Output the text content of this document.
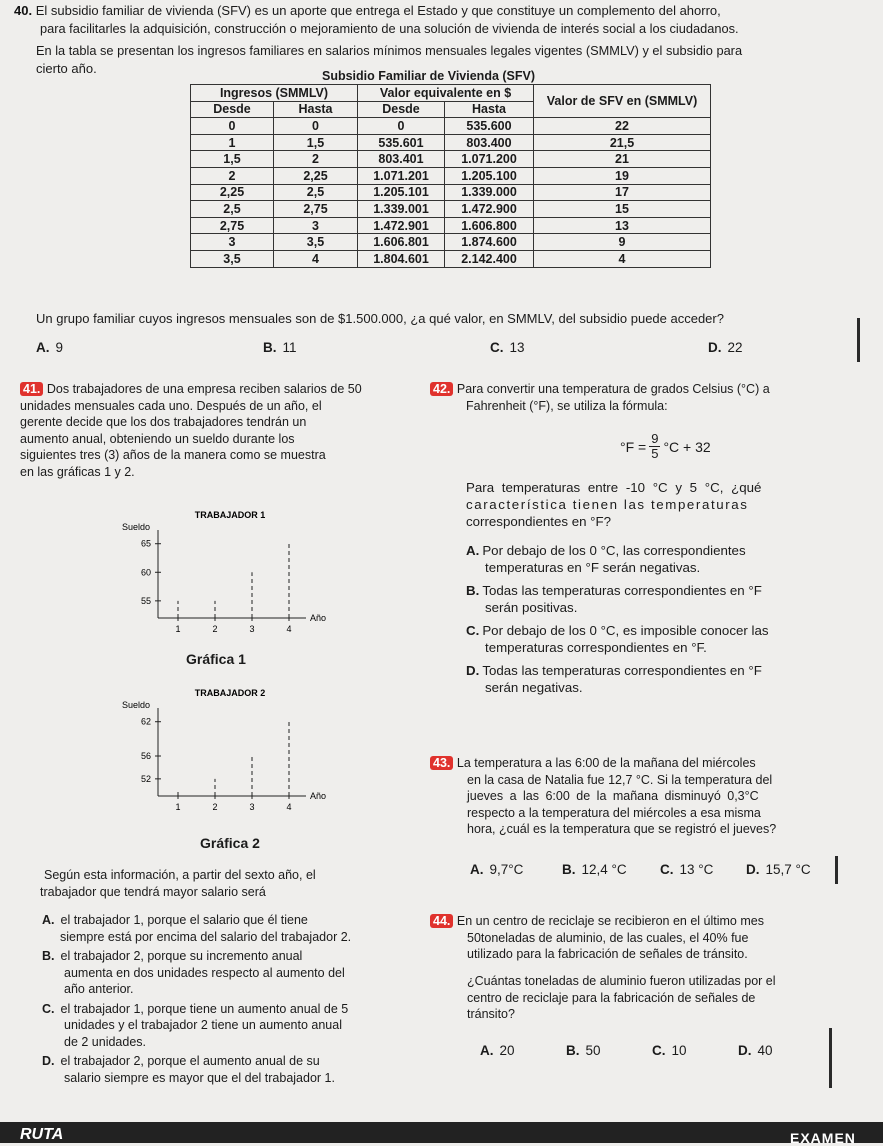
40. El subsidio familiar de vivienda (SFV) es un aporte que entrega el Estado y que constituye un complemento del ahorro,
para facilitarles la adquisición, construcción o mejoramiento de una solución de vivienda de interés social a los ciudadanos.
En la tabla se presentan los ingresos familiares en salarios mínimos mensuales legales vigentes (SMMLV) y el subsidio para
cierto año.	Subsidio Familiar de Vivienda (SFV)
Ingresos (SMMLV)		Valor equivalente en $		Valor de SFV en (SMMLV)
Desde	Hasta	Desde	Hasta	
0	0	0	535.600	22
1	1,5	535.601	803.400	21,5
1,5	2	803.401	1.071.200	21
2	2,25	1.071.201	1.205.100	19
2,25	2,5	1.205.101	1.339.000	17
2,5	2,75	1.339.001	1.472.900	15
2,75	3	1.472.901	1.606.800	13
3	3,5	1.606.801	1.874.600	9
3,5	4	1.804.601	2.142.400	4
Un grupo familiar cuyos ingresos mensuales son de $1.500.000, ¿a qué valor, en SMMLV, del subsidio puede acceder?
A. 9	B. 11	C. 13	D. 22
41. Dos trabajadores de una empresa reciben salarios de 50
unidades mensuales cada uno. Después de un año, el
gerente decide que los dos trabajadores tendrán un
aumento anual, obteniendo un sueldo durante los
siguientes tres (3) años de la manera como se muestra
en las gráficas 1 y 2.
TRABAJADOR 1
Sueldo
Año
55
60
65
1	2	3	4
Gráfica 1
TRABAJADOR 2
Sueldo
Año
52
56
62
1	2	3	4
Gráfica 2
Según esta información, a partir del sexto año, el
trabajador que tendrá mayor salario será
A. el trabajador 1, porque el salario que él tiene
siempre está por encima del salario del trabajador 2.
B. el trabajador 2, porque su incremento anual
aumenta en dos unidades respecto al aumento del
año anterior.
C. el trabajador 1, porque tiene un aumento anual de 5
unidades y el trabajador 2 tiene un aumento anual
de 2 unidades.
D. el trabajador 2, porque el aumento anual de su
salario siempre es mayor que el del trabajador 1.
42. Para convertir una temperatura de grados Celsius (°C) a
Fahrenheit (°F), se utiliza la fórmula:
$^\circ F = \frac{9}{5} ^\circ C + 32$
Para temperaturas entre -10 °C y 5 °C, ¿qué
característica tienen las temperaturas
correspondientes en °F?
A. Por debajo de los 0 °C, las correspondientes
temperaturas en °F serán negativas.
B. Todas las temperaturas correspondientes en °F
serán positivas.
C. Por debajo de los 0 °C, es imposible conocer las
temperaturas correspondientes en °F.
D. Todas las temperaturas correspondientes en °F
serán negativas.
43. La temperatura a las 6:00 de la mañana del miércoles
en la casa de Natalia fue 12,7 °C. Si la temperatura del
jueves a las 6:00 de la mañana disminuyó 0,3°C
respecto a la temperatura del miércoles a esa misma
hora, ¿cuál es la temperatura que se registró el jueves?
A. 9,7°C	B. 12,4 °C C. 13 °C D. 15,7 °C
44. En un centro de reciclaje se recibieron en el último mes
50toneladas de aluminio, de las cuales, el 40% fue
utilizado para la fabricación de señales de tránsito.
¿Cuántas toneladas de aluminio fueron utilizadas por el
centro de reciclaje para la fabricación de señales de
tránsito?
A. 20	B. 50	C. 10	D. 40
RUTA	EXAMEN
